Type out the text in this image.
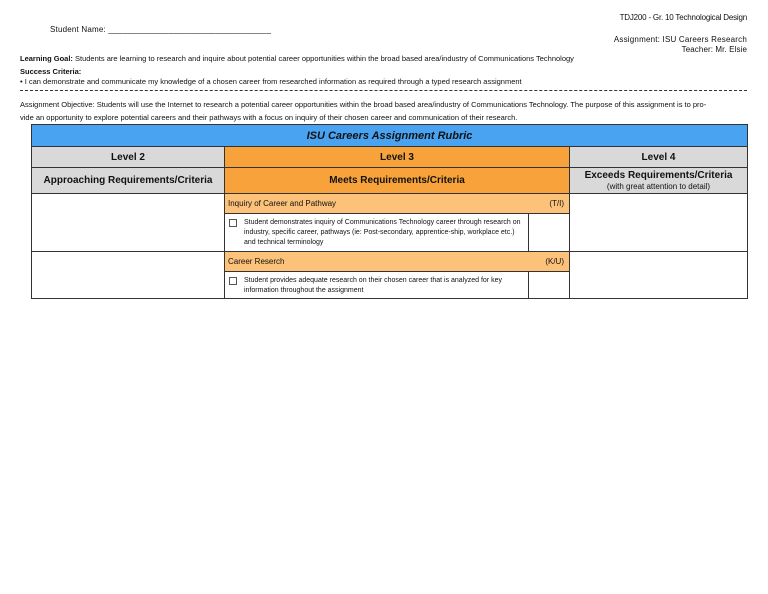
Student Name: ___________________________________
TDJ200 - Gr. 10 Technological Design
Assignment: ISU Careers Research
Teacher: Mr. Elsie
Learning Goal: Students are learning to research and inquire about potential career opportunities within the broad based area/industry of Communications Technology
Success Criteria:
• I can demonstrate and communicate my knowledge of a chosen career from researched information as required through a typed research assignment
Assignment Objective: Students will use the Internet to research a potential career opportunities within the broad based area/industry of Communications Technology. The purpose of this assignment is to pro-
vide an opportunity to explore potential careers and their pathways with a focus on inquiry of their chosen career and communication of their research.
ISU Careers Assignment Rubric		
Level 2	Level 3	Level 4
Approaching Requirements/Criteria	Meets Requirements/Criteria	Exceeds Requirements/Criteria
(with great attention to detail)

	Inquiry of Career and Pathway (T/I)
Student demonstrates inquiry of Communications Technology career through research on industry, specific career, pathways (ie: Post-secondary, apprentice-ship, workplace etc.) and technical terminology	

	Career Reserch (K/U)
Student provides adequate research on their chosen career that is analyzed for key information throughout the assignment	
